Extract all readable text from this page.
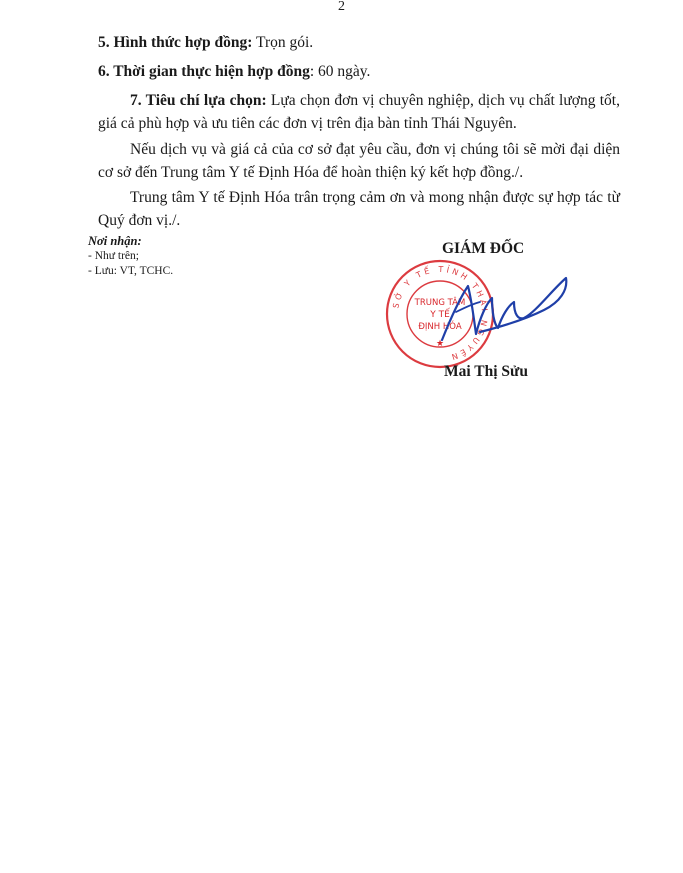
2
5. Hình thức hợp đồng: Trọn gói.
6. Thời gian thực hiện hợp đồng: 60 ngày.
7. Tiêu chí lựa chọn: Lựa chọn đơn vị chuyên nghiệp, dịch vụ chất lượng tốt, giá cả phù hợp và ưu tiên các đơn vị trên địa bàn tỉnh Thái Nguyên.
Nếu dịch vụ và giá cả của cơ sở đạt yêu cầu, đơn vị chúng tôi sẽ mời đại diện cơ sở đến Trung tâm Y tế Định Hóa để hoàn thiện ký kết hợp đồng./.
Trung tâm Y tế Định Hóa trân trọng cảm ơn và mong nhận được sự hợp tác từ Quý đơn vị./.
Nơi nhận:
- Như trên;
- Lưu: VT, TCHC.
GIÁM ĐỐC
SỞ Y TẾ TỈNH THÁI NGUYÊN
TRUNG TÂM
Y TẾ
ĐỊNH HÓA
★
Mai Thị Sửu
